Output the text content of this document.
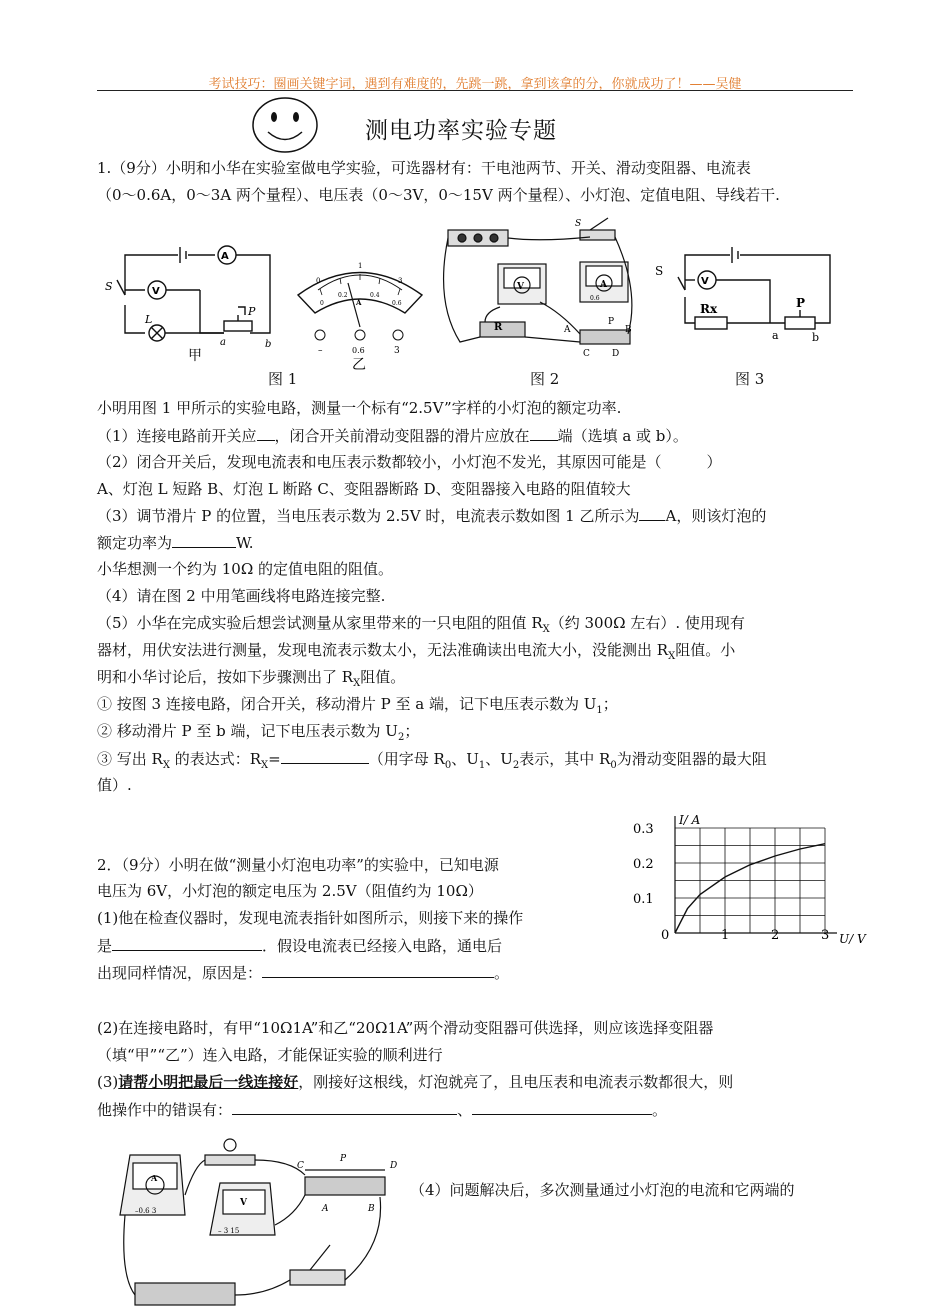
考试技巧：圈画关键字词，遇到有难度的，先跳一跳，拿到该拿的分，你就成功了！——吴健
测电功率实验专题
1.（9分）小明和小华在实验室做电学实验，可选器材有：干电池两节、开关、滑动变阻器、电流表
（0～0.6A，0～3A 两个量程）、电压表（0～3V，0～15V 两个量程）、小灯泡、定值电阻、导线若干.
A
V
S
L
P
a	b
甲
0
1
3
0
0.2	0.4
0.6
A
–	0.6	3
乙
图 1
V	A
R	A	B
P
C D
S
0.6
图 2
V
S
Rx	P
a	b
图 3
小明用图 1 甲所示的实验电路，测量一个标有“2.5V”字样的小灯泡的额定功率.
（1）连接电路前开关应 ，闭合开关前滑动变阻器的滑片应放在 端（选填 a 或 b）。
（2）闭合开关后，发现电流表和电压表示数都较小，小灯泡不发光，其原因可能是（　　　）
A、灯泡 L 短路 B、灯泡 L 断路 C、变阻器断路 D、变阻器接入电路的阻值较大
（3）调节滑片 P 的位置，当电压表示数为 2.5V 时，电流表示数如图 1 乙所示为 A，则该灯泡的
额定功率为	W.
小华想测一个约为 10Ω 的定值电阻的阻值。
（4）请在图 2 中用笔画线将电路连接完整.
（5）小华在完成实验后想尝试测量从家里带来的一只电阻的阻值 $R_X$（约 300Ω 左右）. 使用现有
器材，用伏安法进行测量，发现电流表示数太小，无法准确读出电流大小，没能测出 $R_X$阻值。小
明和小华讨论后，按如下步骤测出了 $R_X$阻值。
① 按图 3 连接电路，闭合开关，移动滑片 P 至 a 端，记下电压表示数为 $U_1$；
② 移动滑片 P 至 b 端，记下电压表示数为 $U_2$；
③ 写出 $R_X$ 的表达式：$R_X=$	（用字母 $R_0$、$U_1$、$U_2$表示，其中 $R_0$为滑动变阻器的最大阻
值）.
2．（9分）小明在做“测量小灯泡电功率”的实验中，已知电源
电压为 6V，小灯泡的额定电压为 2.5V（阻值约为 10Ω）
(1)他在检查仪器时，发现电流表指针如图所示，则接下来的操作
是	．假设电流表已经接入电路，通电后
出现同样情况，原因是：	。
0	1	2	3
0.1
0.2
0.3
U/ V
I/ A
(2)在连接电路时，有甲“10Ω1A”和乙“20Ω1A”两个滑动变阻器可供选择，则应该选择变阻器
（填“甲”“乙”）连入电路，才能保证实验的顺利进行
(3)请帮小明把最后一线连接好，刚接好这根线，灯泡就亮了，且电压表和电流表示数都很大，则
他操作中的错误有：	、	。
A
V
–0.6 3
– 3 15
C
P
D
A	B
（4）问题解决后，多次测量通过小灯泡的电流和它两端的
